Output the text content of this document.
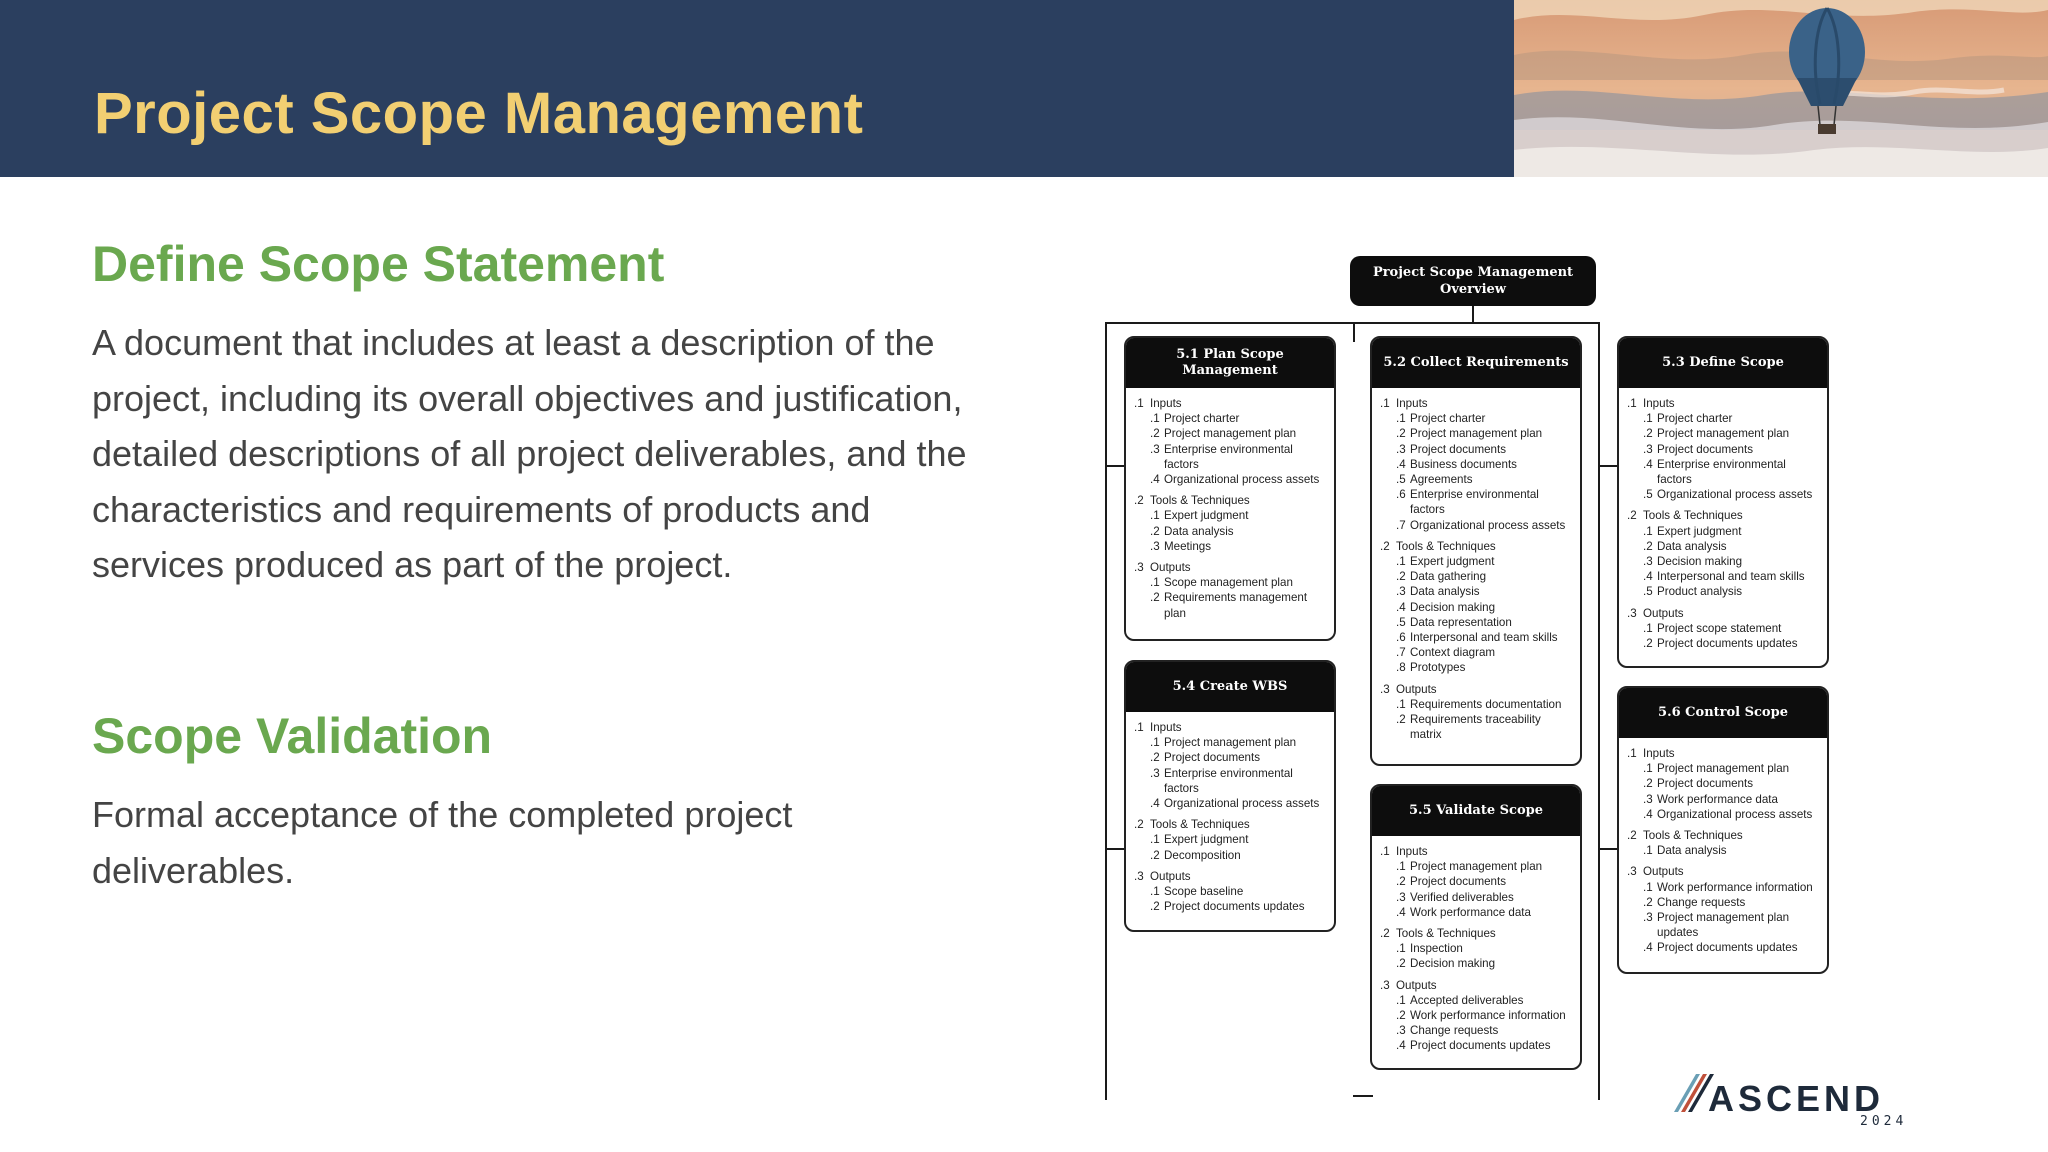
Project Scope Management
Define Scope Statement
A document that includes at least a description of the project, including its overall objectives and justification, detailed descriptions of all project deliverables, and the characteristics and requirements of products and services produced as part of the project.
Scope Validation
Formal acceptance of the completed project deliverables.
Project Scope Management Overview
5.1 Plan Scope Management
.1 Inputs
.1 Project charter
.2 Project management plan
.3 Enterprise environmental factors
.4 Organizational process assets
.2 Tools & Techniques
.1 Expert judgment
.2 Data analysis
.3 Meetings
.3 Outputs
.1 Scope management plan
.2 Requirements management plan
5.2 Collect Requirements
.1 Inputs
.1 Project charter
.2 Project management plan
.3 Project documents
.4 Business documents
.5 Agreements
.6 Enterprise environmental factors
.7 Organizational process assets
.2 Tools & Techniques
.1 Expert judgment
.2 Data gathering
.3 Data analysis
.4 Decision making
.5 Data representation
.6 Interpersonal and team skills
.7 Context diagram
.8 Prototypes
.3 Outputs
.1 Requirements documentation
.2 Requirements traceability matrix
5.3 Define Scope
.1 Inputs
.1 Project charter
.2 Project management plan
.3 Project documents
.4 Enterprise environmental factors
.5 Organizational process assets
.2 Tools & Techniques
.1 Expert judgment
.2 Data analysis
.3 Decision making
.4 Interpersonal and team skills
.5 Product analysis
.3 Outputs
.1 Project scope statement
.2 Project documents updates
5.4 Create WBS
.1 Inputs
.1 Project management plan
.2 Project documents
.3 Enterprise environmental factors
.4 Organizational process assets
.2 Tools & Techniques
.1 Expert judgment
.2 Decomposition
.3 Outputs
.1 Scope baseline
.2 Project documents updates
5.5 Validate Scope
.1 Inputs
.1 Project management plan
.2 Project documents
.3 Verified deliverables
.4 Work performance data
.2 Tools & Techniques
.1 Inspection
.2 Decision making
.3 Outputs
.1 Accepted deliverables
.2 Work performance information
.3 Change requests
.4 Project documents updates
5.6 Control Scope
.1 Inputs
.1 Project management plan
.2 Project documents
.3 Work performance data
.4 Organizational process assets
.2 Tools & Techniques
.1 Data analysis
.3 Outputs
.1 Work performance information
.2 Change requests
.3 Project management plan updates
.4 Project documents updates
ASCEND
2024
